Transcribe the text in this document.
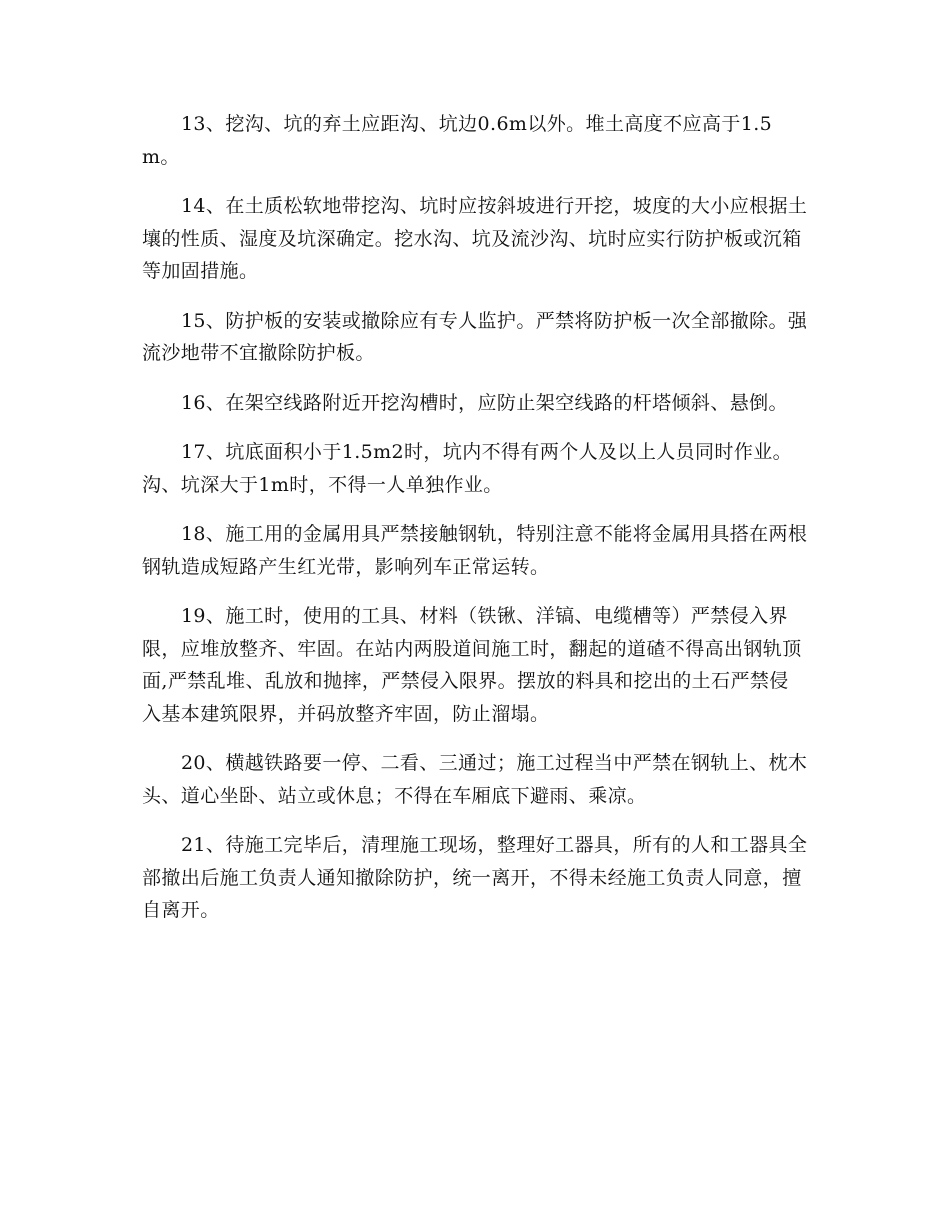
13、挖沟、坑的弃土应距沟、坑边0.6m以外。堆土高度不应高于1.5m。

14、在土质松软地带挖沟、坑时应按斜坡进行开挖，坡度的大小应根据土壤的性质、湿度及坑深确定。挖水沟、坑及流沙沟、坑时应实行防护板或沉箱等加固措施。

15、防护板的安装或撤除应有专人监护。严禁将防护板一次全部撤除。强流沙地带不宜撤除防护板。

16、在架空线路附近开挖沟槽时，应防止架空线路的杆塔倾斜、悬倒。

17、坑底面积小于1.5m2时，坑内不得有两个人及以上人员同时作业。沟、坑深大于1m时，不得一人单独作业。

18、施工用的金属用具严禁接触钢轨，特别注意不能将金属用具搭在两根钢轨造成短路产生红光带，影响列车正常运转。

19、施工时，使用的工具、材料（铁锹、洋镐、电缆槽等）严禁侵入界限，应堆放整齐、牢固。在站内两股道间施工时，翻起的道碴不得高出钢轨顶面,严禁乱堆、乱放和抛摔，严禁侵入限界。摆放的料具和挖出的土石严禁侵入基本建筑限界，并码放整齐牢固，防止溜塌。

20、横越铁路要一停、二看、三通过；施工过程当中严禁在钢轨上、枕木头、道心坐卧、站立或休息；不得在车厢底下避雨、乘凉。

21、待施工完毕后，清理施工现场，整理好工器具，所有的人和工器具全部撤出后施工负责人通知撤除防护，统一离开，不得未经施工负责人同意，擅自离开。
